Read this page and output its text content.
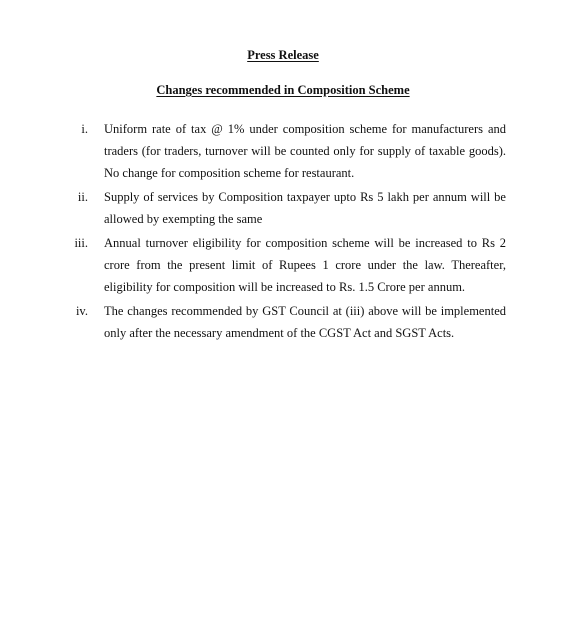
Press Release
Changes recommended in Composition Scheme
i. Uniform rate of tax @ 1% under composition scheme for manufacturers and traders (for traders, turnover will be counted only for supply of taxable goods). No change for composition scheme for restaurant.
ii. Supply of services by Composition taxpayer upto Rs 5 lakh per annum will be allowed by exempting the same
iii. Annual turnover eligibility for composition scheme will be increased to Rs 2 crore from the present limit of Rupees 1 crore under the law. Thereafter, eligibility for composition will be increased to Rs. 1.5 Crore per annum.
iv. The changes recommended by GST Council at (iii) above will be implemented only after the necessary amendment of the CGST Act and SGST Acts.
